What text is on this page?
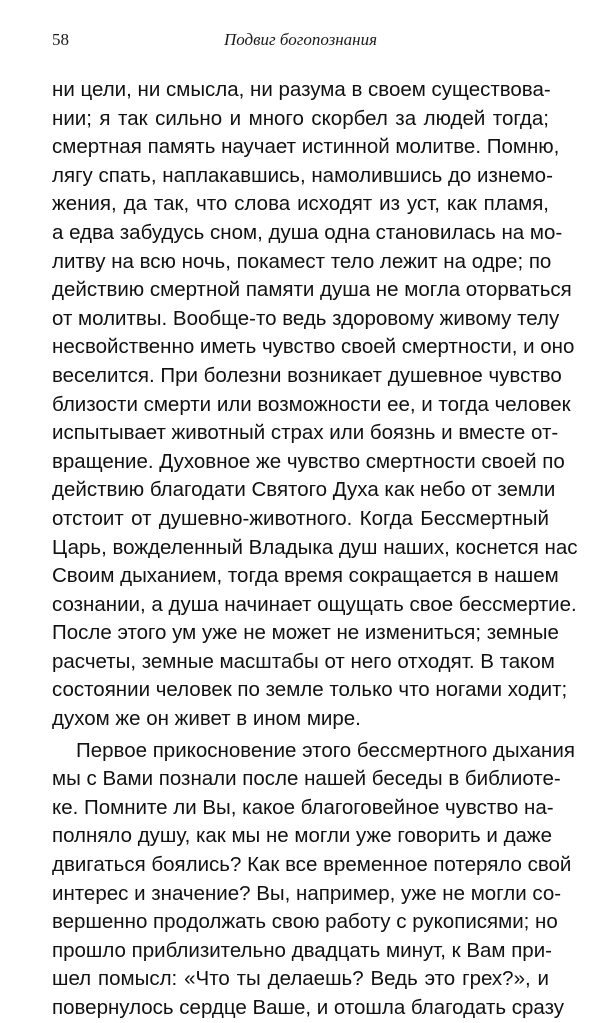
58	Подвиг богопознания
ни цели, ни смысла, ни разума в своем существова-
нии; я так сильно и много скорбел за людей тогда;
смертная память научает истинной молитве. Помню,
лягу спать, наплакавшись, намолившись до изнемо-
жения, да так, что слова исходят из уст, как пламя,
а едва забудусь сном, душа одна становилась на мо-
литву на всю ночь, покамест тело лежит на одре; по
действию смертной памяти душа не могла оторваться
от молитвы. Вообще-то ведь здоровому живому телу
несвойственно иметь чувство своей смертности, и оно
веселится. При болезни возникает душевное чувство
близости смерти или возможности ее, и тогда человек
испытывает животный страх или боязнь и вместе от-
вращение. Духовное же чувство смертности своей по
действию благодати Святого Духа как небо от земли
отстоит от душевно-животного. Когда Бессмертный
Царь, вожделенный Владыка душ наших, коснется нас
Своим дыханием, тогда время сокращается в нашем
сознании, а душа начинает ощущать свое бессмертие.
После этого ум уже не может не измениться; земные
расчеты, земные масштабы от него отходят. В таком
состоянии человек по земле только что ногами ходит;
духом же он живет в ином мире.
Первое прикосновение этого бессмертного дыхания
мы с Вами познали после нашей беседы в библиоте-
ке. Помните ли Вы, какое благоговейное чувство на-
полняло душу, как мы не могли уже говорить и даже
двигаться боялись? Как все временное потеряло свой
интерес и значение? Вы, например, уже не могли со-
вершенно продолжать свою работу с рукописями; но
прошло приблизительно двадцать минут, к Вам при-
шел помысл: «Что ты делаешь? Ведь это грех?», и
повернулось сердце Ваше, и отошла благодать сразу
